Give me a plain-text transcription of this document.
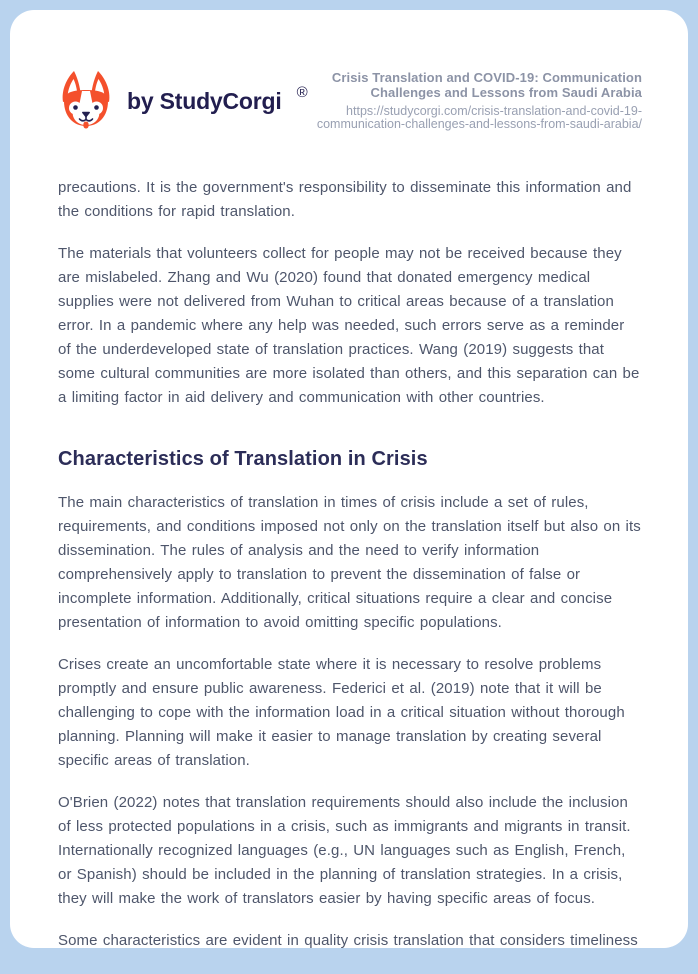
by StudyCorgi ®
Crisis Translation and COVID-19: Communication Challenges and Lessons from Saudi Arabia
https://studycorgi.com/crisis-translation-and-covid-19-communication-challenges-and-lessons-from-saudi-arabia/

precautions. It is the government's responsibility to disseminate this information and the conditions for rapid translation.

The materials that volunteers collect for people may not be received because they are mislabeled. Zhang and Wu (2020) found that donated emergency medical supplies were not delivered from Wuhan to critical areas because of a translation error. In a pandemic where any help was needed, such errors serve as a reminder of the underdeveloped state of translation practices. Wang (2019) suggests that some cultural communities are more isolated than others, and this separation can be a limiting factor in aid delivery and communication with other countries.

Characteristics of Translation in Crisis

The main characteristics of translation in times of crisis include a set of rules, requirements, and conditions imposed not only on the translation itself but also on its dissemination. The rules of analysis and the need to verify information comprehensively apply to translation to prevent the dissemination of false or incomplete information. Additionally, critical situations require a clear and concise presentation of information to avoid omitting specific populations.

Crises create an uncomfortable state where it is necessary to resolve problems promptly and ensure public awareness. Federici et al. (2019) note that it will be challenging to cope with the information load in a critical situation without thorough planning. Planning will make it easier to manage translation by creating several specific areas of translation.

O'Brien (2022) notes that translation requirements should also include the inclusion of less protected populations in a crisis, such as immigrants and migrants in transit. Internationally recognized languages (e.g., UN languages such as English, French, or Spanish) should be included in the planning of translation strategies. In a crisis, they will make the work of translators easier by having specific areas of focus.

Some characteristics are evident in quality crisis translation that considers timeliness
